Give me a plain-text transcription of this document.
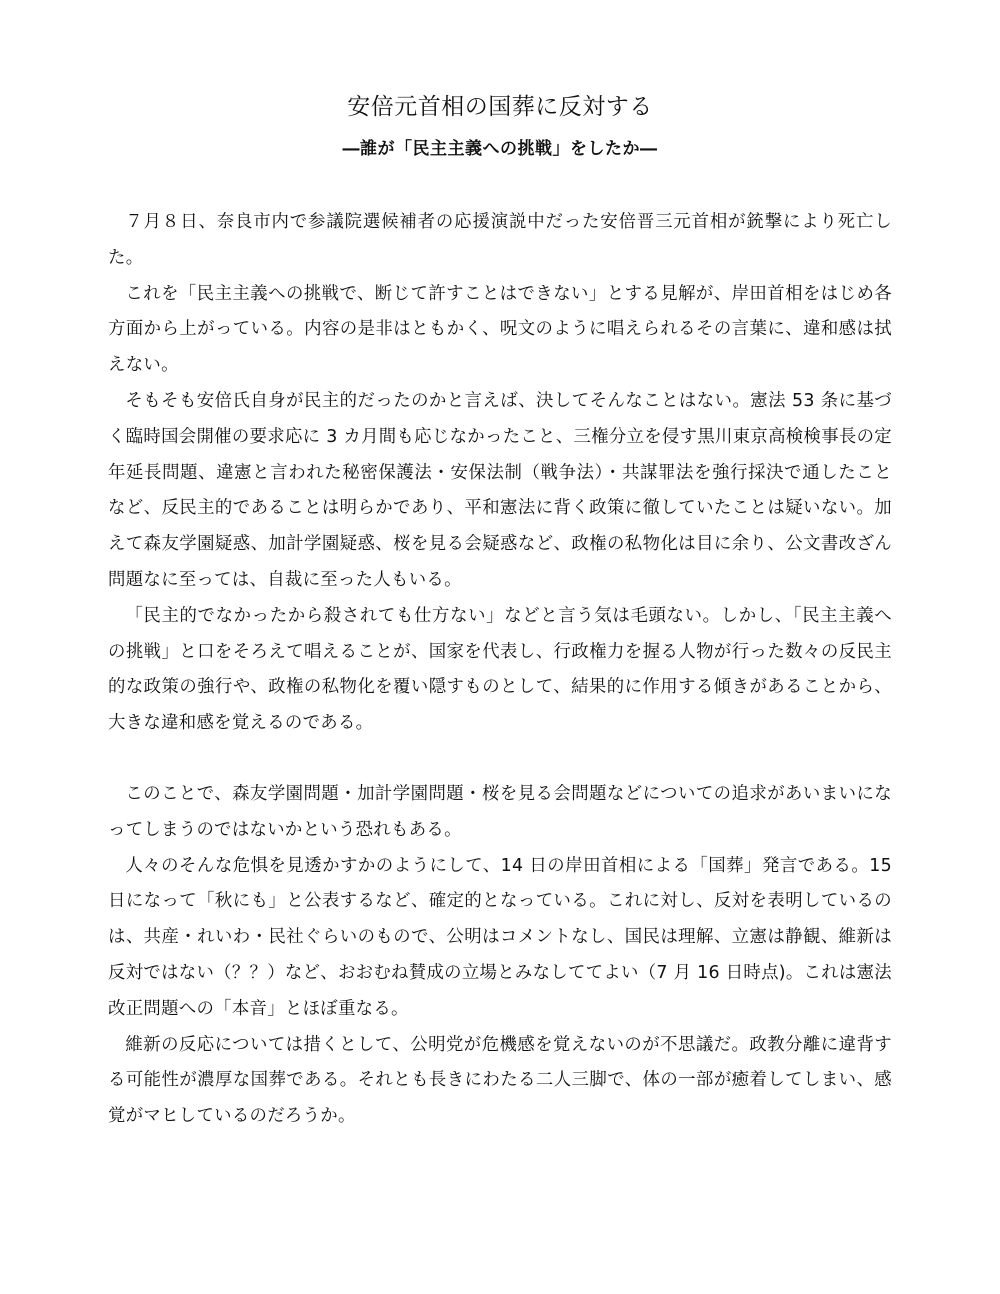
安倍元首相の国葬に反対する
―誰が「民主主義への挑戦」をしたか―

７月８日、奈良市内で参議院選候補者の応援演説中だった安倍晋三元首相が銃撃により死亡した。

これを「民主主義への挑戦で、断じて許すことはできない」とする見解が、岸田首相をはじめ各方面から上がっている。内容の是非はともかく、呪文のように唱えられるその言葉に、違和感は拭えない。

そもそも安倍氏自身が民主的だったのかと言えば、決してそんなことはない。憲法 53 条に基づく臨時国会開催の要求応に 3 カ月間も応じなかったこと、三権分立を侵す黒川東京高検検事長の定年延長問題、違憲と言われた秘密保護法・安保法制（戦争法）・共謀罪法を強行採決で通したことなど、反民主的であることは明らかであり、平和憲法に背く政策に徹していたことは疑いない。加えて森友学園疑惑、加計学園疑惑、桜を見る会疑惑など、政権の私物化は目に余り、公文書改ざん問題なに至っては、自裁に至った人もいる。

「民主的でなかったから殺されても仕方ない」などと言う気は毛頭ない。しかし、「民主主義への挑戦」と口をそろえて唱えることが、国家を代表し、行政権力を握る人物が行った数々の反民主的な政策の強行や、政権の私物化を覆い隠すものとして、結果的に作用する傾きがあることから、大きな違和感を覚えるのである。

このことで、森友学園問題・加計学園問題・桜を見る会問題などについての追求があいまいになってしまうのではないかという恐れもある。

人々のそんな危惧を見透かすかのようにして、14 日の岸田首相による「国葬」発言である。15 日になって「秋にも」と公表するなど、確定的となっている。これに対し、反対を表明しているのは、共産・れいわ・民社ぐらいのもので、公明はコメントなし、国民は理解、立憲は静観、維新は反対ではない（？？）など、おおむね賛成の立場とみなしててよい（7 月 16 日時点)。これは憲法改正問題への「本音」とほぼ重なる。

維新の反応については措くとして、公明党が危機感を覚えないのが不思議だ。政教分離に違背する可能性が濃厚な国葬である。それとも長きにわたる二人三脚で、体の一部が癒着してしまい、感覚がマヒしているのだろうか。
